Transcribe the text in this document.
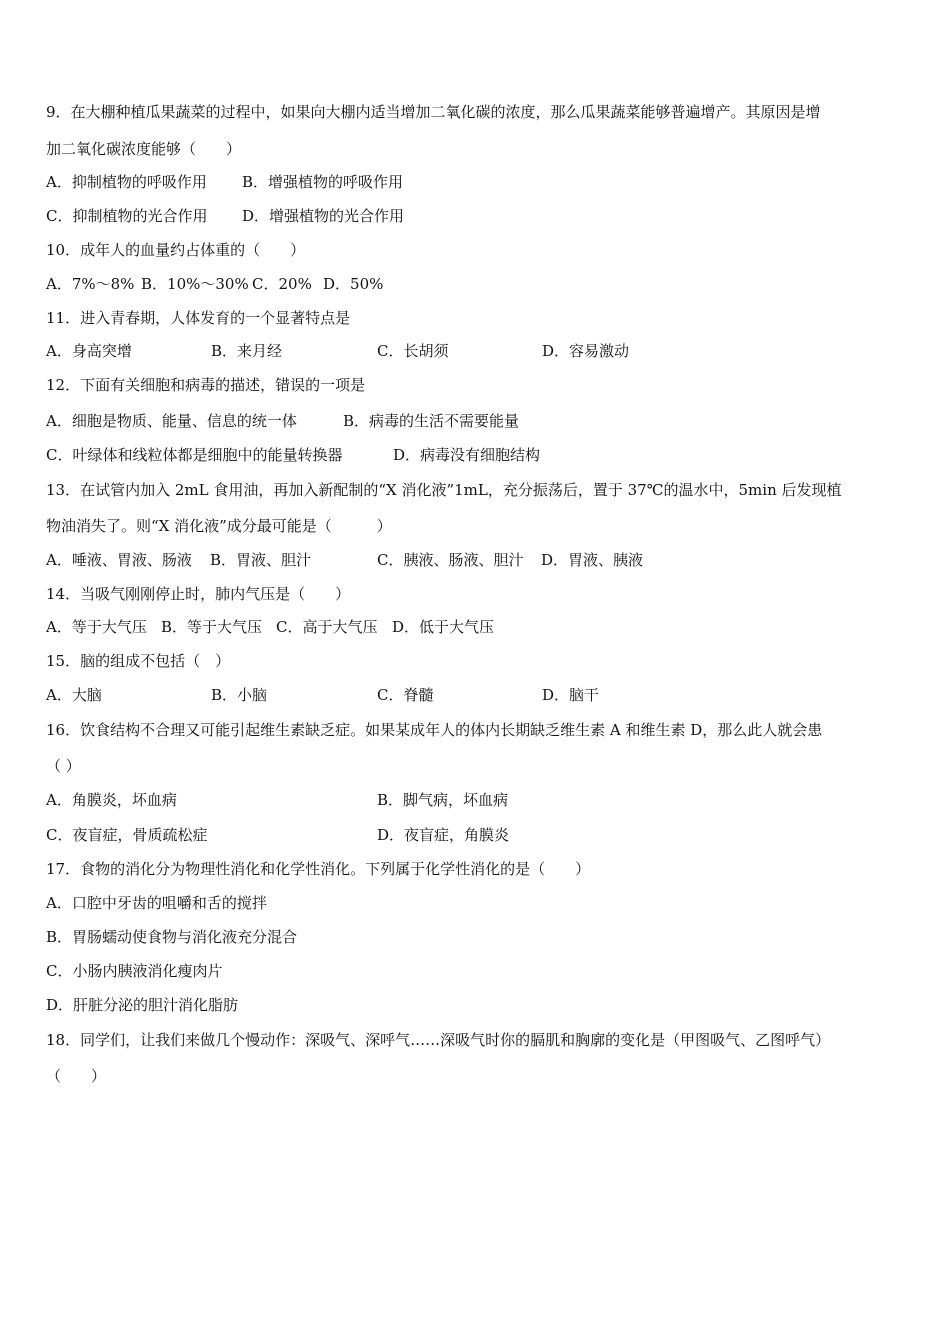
9．在大棚种植瓜果蔬菜的过程中，如果向大棚内适当增加二氧化碳的浓度，那么瓜果蔬菜能够普遍增产。其原因是增
加二氧化碳浓度能够（　　）
A．抑制植物的呼吸作用 B．增强植物的呼吸作用
C．抑制植物的光合作用 D．增强植物的光合作用
10．成年人的血量约占体重的（　　）
A．7%～8% B．10%～30% C．20% D．50%
11．进入青春期，人体发育的一个显著特点是
A．身高突增	B．来月经	C．长胡须	D．容易激动
12．下面有关细胞和病毒的描述，错误的一项是
A．细胞是物质、能量、信息的统一体	B．病毒的生活不需要能量
C．叶绿体和线粒体都是细胞中的能量转换器	D．病毒没有细胞结构
13．在试管内加入 2mL 食用油，再加入新配制的“X 消化液”1mL，充分振荡后，置于 37℃的温水中，5min 后发现植
物油消失了。则“X 消化液”成分最可能是（　　　）
A．唾液、胃液、肠液 B．胃液、胆汁	C．胰液、肠液、胆汁 D．胃液、胰液
14．当吸气刚刚停止时，肺内气压是（　　）
A．等于大气压 B．等于大气压 C．高于大气压 D．低于大气压
15．脑的组成不包括（　）
A．大脑	B．小脑	C．脊髓	D．脑干
16．饮食结构不合理又可能引起维生素缺乏症。如果某成年人的体内长期缺乏维生素 A 和维生素 D，那么此人就会患
（ ）
A．角膜炎，坏血病	B．脚气病，坏血病
C．夜盲症，骨质疏松症	D．夜盲症，角膜炎
17．食物的消化分为物理性消化和化学性消化。下列属于化学性消化的是（　　）
A．口腔中牙齿的咀嚼和舌的搅拌
B．胃肠蠕动使食物与消化液充分混合
C．小肠内胰液消化瘦肉片
D．肝脏分泌的胆汁消化脂肪
18．同学们，让我们来做几个慢动作：深吸气、深呼气……深吸气时你的膈肌和胸廓的变化是（甲图吸气、乙图呼气）
（　　）
